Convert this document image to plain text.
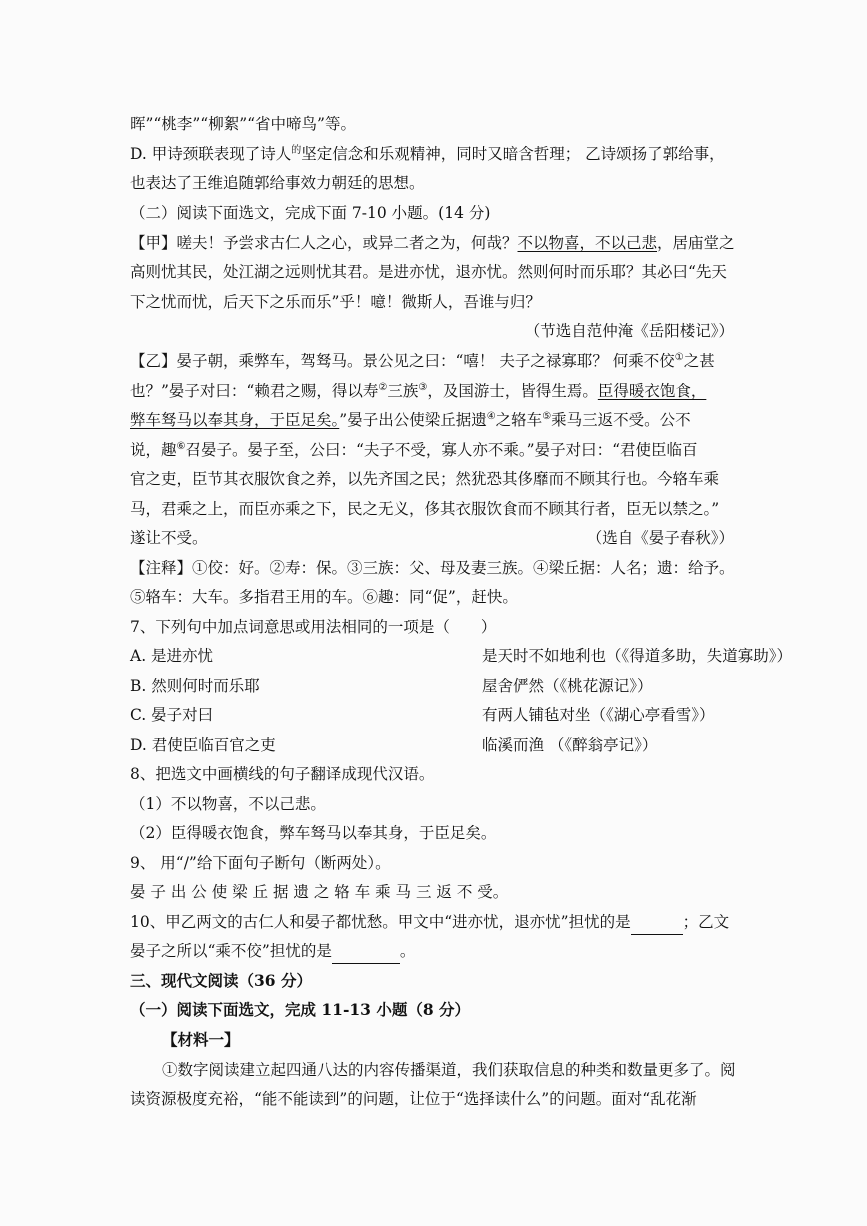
晖”“桃李”“柳絮”“省中啼鸟”等。
D. 甲诗颈联表现了诗人$^的$坚定信念和乐观精神，同时又暗含哲理； 乙诗颂扬了郭给事，
也表达了王维追随郭给事效力朝廷的思想。
（二）阅读下面选文，完成下面 7-10 小题。(14 分)
【甲】嗟夫！予尝求古仁人之心，或异二者之为，何哉？不以物喜，不以己悲，居庙堂之
高则忧其民，处江湖之远则忧其君。是进亦忧，退亦忧。然则何时而乐耶？其必曰“先天
下之忧而忧，后天下之乐而乐”乎！噫！微斯人，吾谁与归？
（节选自范仲淹《岳阳楼记》）
【乙】晏子朝，乘弊车，驾驽马。景公见之曰：“嘻！ 夫子之禄寡耶？ 何乘不佼①之甚
也？”晏子对曰：“赖君之赐，得以寿②三族③，及国游士，皆得生焉。臣得暖衣饱食，
弊车驽马以奉其身，于臣足矣。”晏子出公使梁丘据遗④之辂车⑤乘马三返不受。公不
说，趣⑥召晏子。晏子至，公曰：“夫子不受，寡人亦不乘。”晏子对曰：“君使臣临百
官之吏，臣节其衣服饮食之养，以先齐国之民；然犹恐其侈靡而不顾其行也。今辂车乘
马，君乘之上，而臣亦乘之下，民之无义，侈其衣服饮食而不顾其行者，臣无以禁之。”
遂让不受。	（选自《晏子春秋》）
【注释】①佼：好。②寿：保。③三族：父、母及妻三族。④梁丘据：人名；遗：给予。
⑤辂车：大车。多指君王用的车。⑥趣：同“促”，赶快。
7、下列句中加点词意思或用法相同的一项是（　　）
A. 是进亦忧	是天时不如地利也（《得道多助，失道寡助》）
B. 然则何时而乐耶	屋舍俨然（《桃花源记》）
C. 晏子对曰	有两人铺毡对坐（《湖心亭看雪》）
D. 君使臣临百官之吏	临溪而渔 （《醉翁亭记》）
8、把选文中画横线的句子翻译成现代汉语。
（1）不以物喜，不以己悲。
（2）臣得暖衣饱食，弊车驽马以奉其身，于臣足矣。
9、 用“/”给下面句子断句（断两处）。
晏 子 出 公 使 梁 丘 据 遗 之 辂 车 乘 马 三 返 不 受。
10、甲乙两文的古仁人和晏子都忧愁。甲文中“进亦忧，退亦忧”担忧的是	；乙文
晏子之所以“乘不佼”担忧的是	。
三、现代文阅读（36 分）
（一）阅读下面选文，完成 11-13 小题（8 分）
【材料一】
①数字阅读建立起四通八达的内容传播渠道，我们获取信息的种类和数量更多了。阅
读资源极度充裕，“能不能读到”的问题，让位于“选择读什么”的问题。面对“乱花渐
